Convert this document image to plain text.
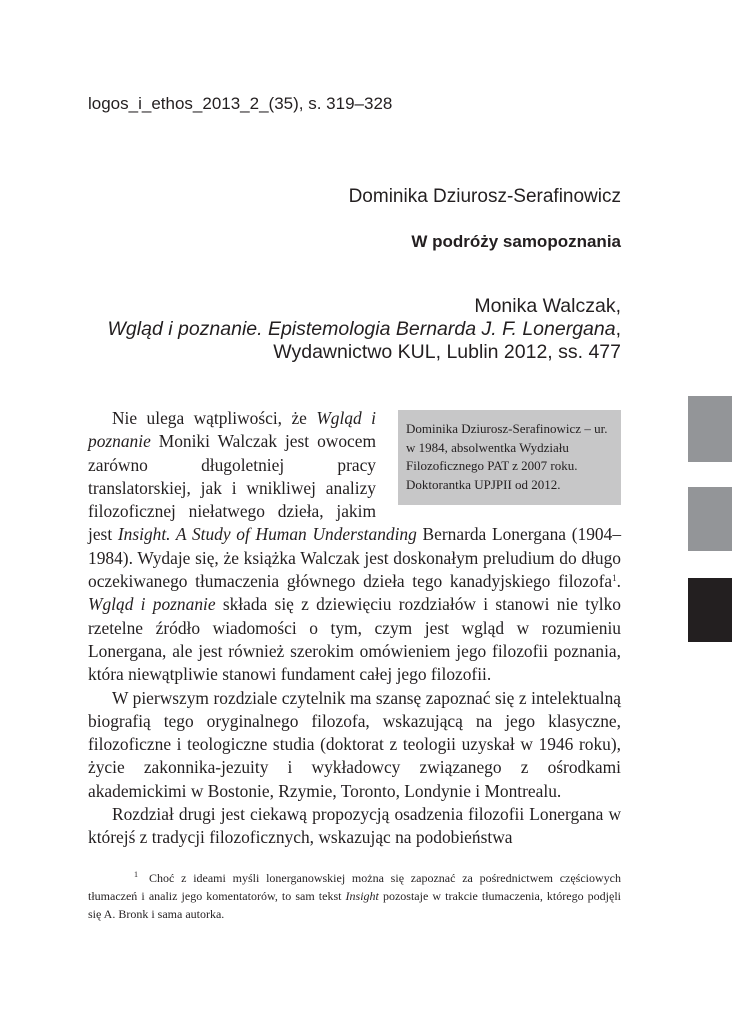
logos_i_ethos_2013_2_(35), s. 319–328
Dominika Dziurosz-Serafinowicz
W podróży samopoznania
Monika Walczak,
Wgląd i poznanie. Epistemologia Bernarda J. F. Lonergana,
Wydawnictwo KUL, Lublin 2012, ss. 477
Dominika Dziurosz-Serafinowicz – ur. w 1984, absolwentka Wydziału Filozoficznego PAT z 2007 roku. Doktorantka UPJPII od 2012.

Nie ulega wątpliwości, że Wgląd i poznanie Moniki Walczak jest owocem zarówno długoletniej pracy translatorskiej, jak i wnikliwej analizy filozoficznej niełatwego dzieła, jakim jest Insight. A Study of Human Understanding Bernarda Lonergana (1904–1984). Wydaje się, że książka Walczak jest doskonałym preludium do długo oczekiwanego tłumaczenia głównego dzieła tego kanadyjskiego filozofa$^1$. Wgląd i poznanie składa się z dziewięciu rozdziałów i stanowi nie tylko rzetelne źródło wiadomości o tym, czym jest wgląd w rozumieniu Lonergana, ale jest również szerokim omówieniem jego filozofii poznania, która niewątpliwie stanowi fundament całej jego filozofii.

W pierwszym rozdziale czytelnik ma szansę zapoznać się z intelektualną biografią tego oryginalnego filozofa, wskazującą na jego klasyczne, filozoficzne i teologiczne studia (doktorat z teologii uzyskał w 1946 roku), życie zakonnika-jezuity i wykładowcy związanego z ośrodkami akademickimi w Bostonie, Rzymie, Toronto, Londynie i Montrealu.

Rozdział drugi jest ciekawą propozycją osadzenia filozofii Lonergana w którejś z tradycji filozoficznych, wskazując na podobieństwa

$^1$ Choć z ideami myśli lonerganowskiej można się zapoznać za pośrednictwem częściowych tłumaczeń i analiz jego komentatorów, to sam tekst Insight pozostaje w trakcie tłumaczenia, którego podjęli się A. Bronk i sama autorka.
